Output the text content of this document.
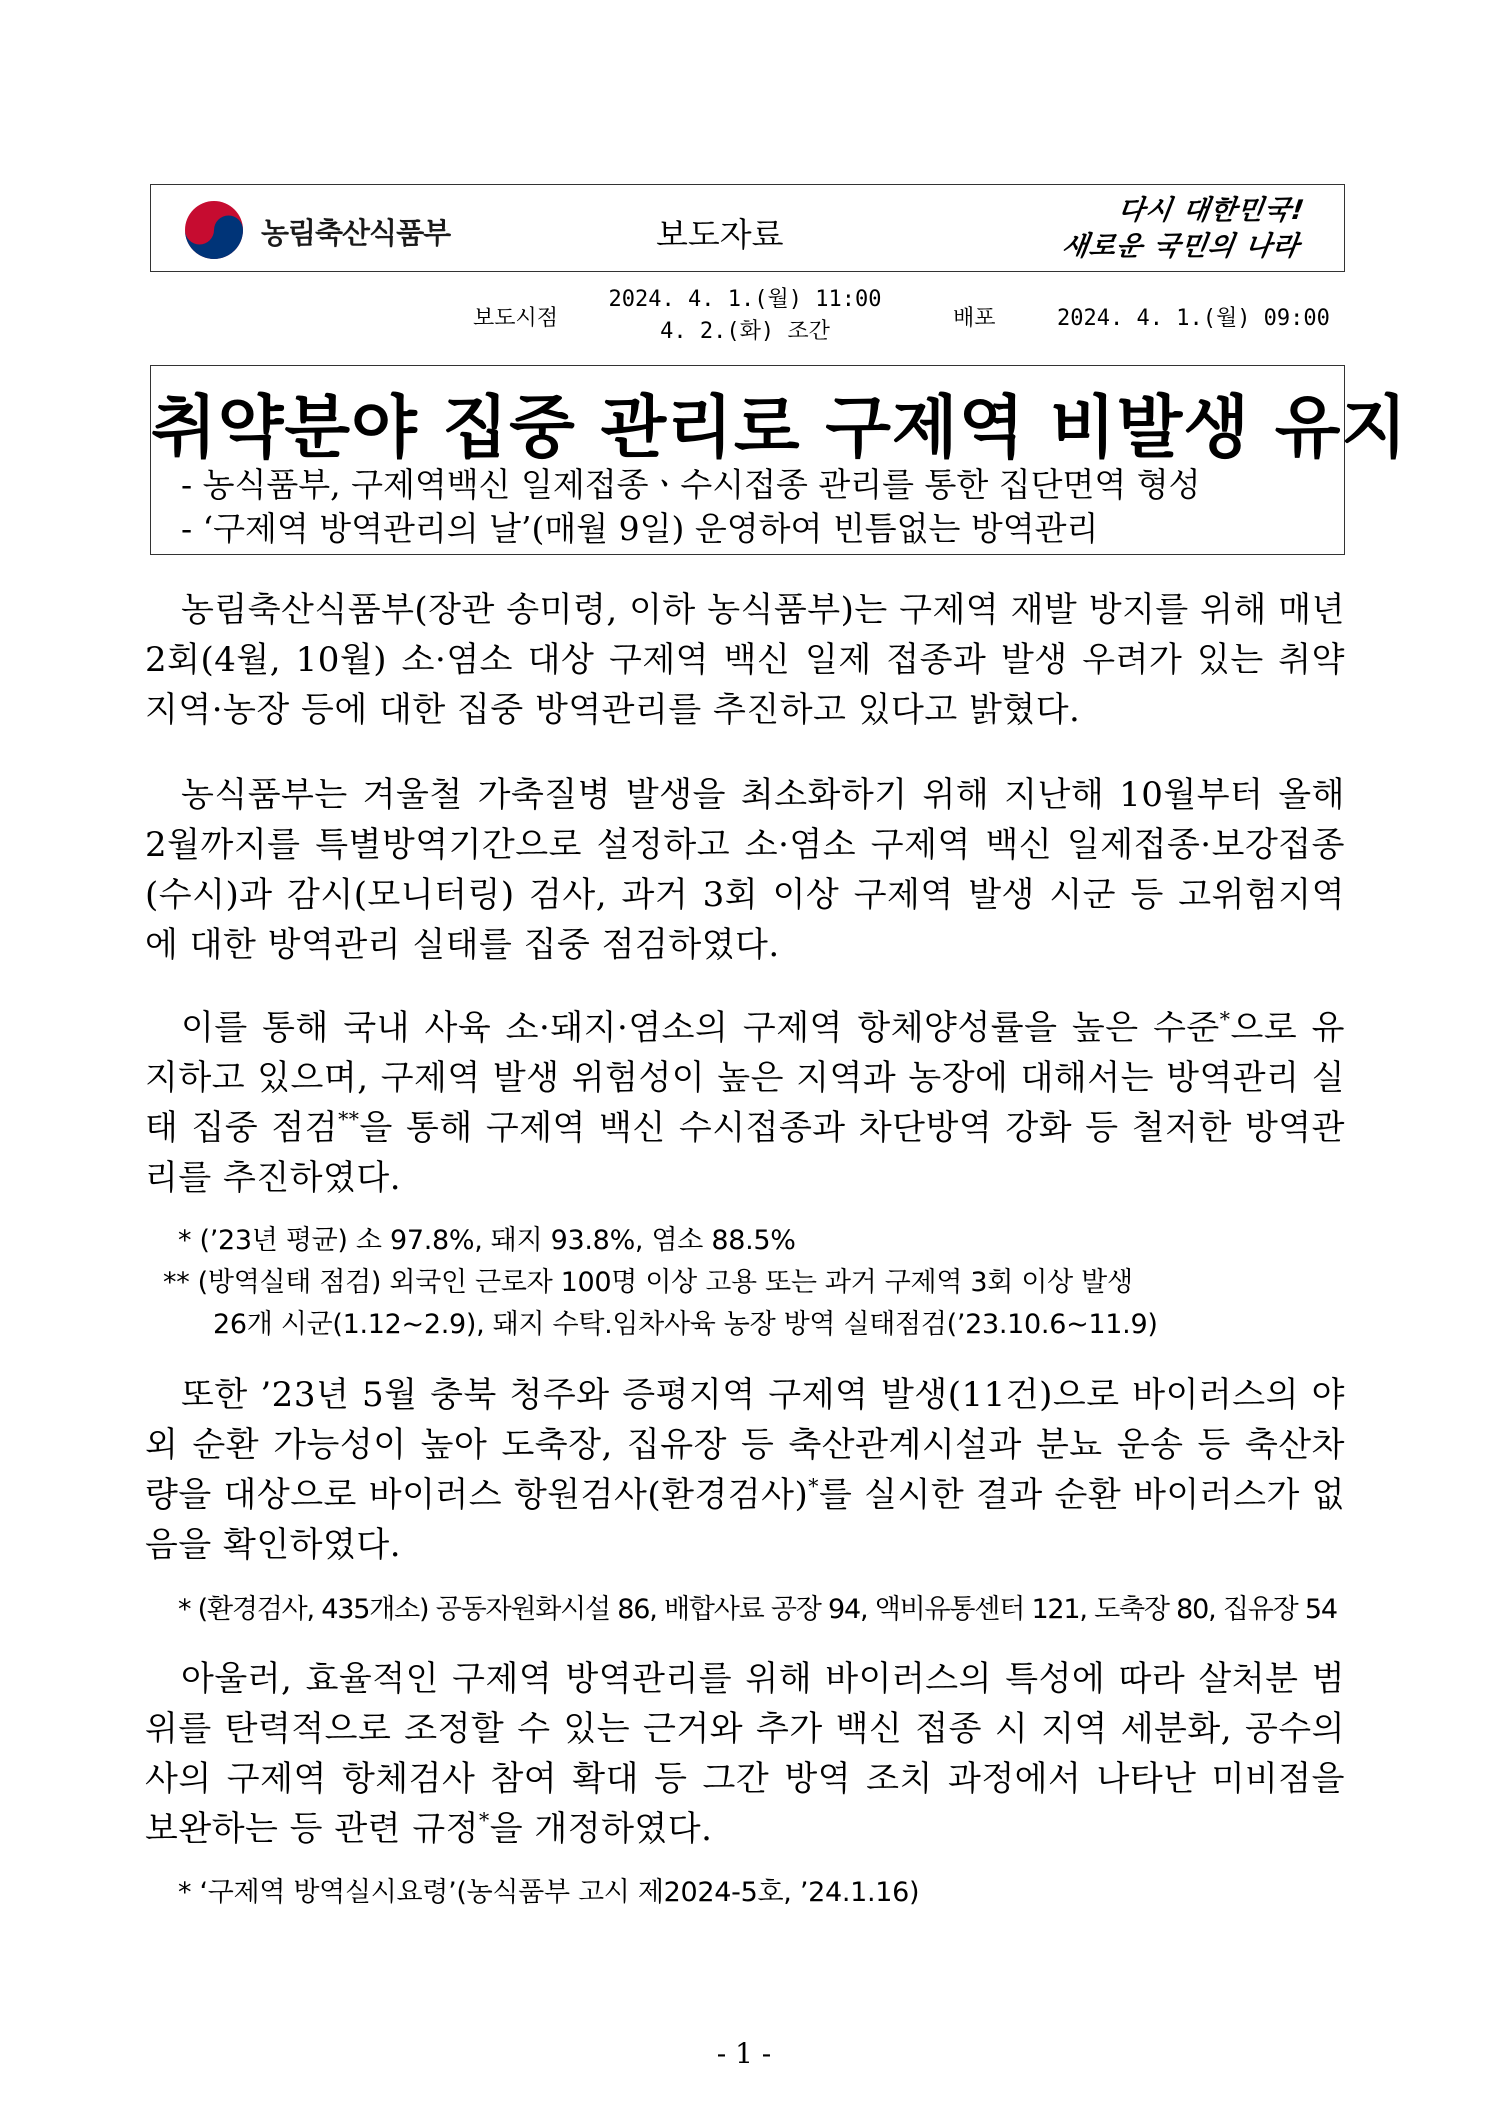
농림축산식품부	보도자료
다시 대한민국!
새로운 국민의 나라
보도시점
2024. 4. 1.(월) 11:00
4. 2.(화) 조간
배포	2024. 4. 1.(월) 09:00
취약분야 집중 관리로 구제역 비발생 유지
- 농식품부, 구제역백신 일제접종ㆍ수시접종 관리를 통한 집단면역 형성
- ‘구제역 방역관리의 날’(매월 9일) 운영하여 빈틈없는 방역관리
농림축산식품부(장관 송미령, 이하 농식품부)는 구제역 재발 방지를 위해 매년 2회(4월, 10월) 소·염소 대상 구제역 백신 일제 접종과 발생 우려가 있는 취약 지역·농장 등에 대한 집중 방역관리를 추진하고 있다고 밝혔다.
농식품부는 겨울철 가축질병 발생을 최소화하기 위해 지난해 10월부터 올해 2월까지를 특별방역기간으로 설정하고 소·염소 구제역 백신 일제접종·보강접종(수시)과 감시(모니터링) 검사, 과거 3회 이상 구제역 발생 시군 등 고위험지역에 대한 방역관리 실태를 집중 점검하였다.
이를 통해 국내 사육 소·돼지·염소의 구제역 항체양성률을 높은 수준*으로 유지하고 있으며, 구제역 발생 위험성이 높은 지역과 농장에 대해서는 방역관리 실태 집중 점검**을 통해 구제역 백신 수시접종과 차단방역 강화 등 철저한 방역관리를 추진하였다.
* (’23년 평균) 소 97.8%, 돼지 93.8%, 염소 88.5%
** (방역실태 점검) 외국인 근로자 100명 이상 고용 또는 과거 구제역 3회 이상 발생
26개 시군(1.12~2.9), 돼지 수탁.임차사육 농장 방역 실태점검(’23.10.6~11.9)
또한 ’23년 5월 충북 청주와 증평지역 구제역 발생(11건)으로 바이러스의 야외 순환 가능성이 높아 도축장, 집유장 등 축산관계시설과 분뇨 운송 등 축산차량을 대상으로 바이러스 항원검사(환경검사)*를 실시한 결과 순환 바이러스가 없음을 확인하였다.
* (환경검사, 435개소) 공동자원화시설 86, 배합사료 공장 94, 액비유통센터 121, 도축장 80, 집유장 54
아울러, 효율적인 구제역 방역관리를 위해 바이러스의 특성에 따라 살처분 범위를 탄력적으로 조정할 수 있는 근거와 추가 백신 접종 시 지역 세분화, 공수의사의 구제역 항체검사 참여 확대 등 그간 방역 조치 과정에서 나타난 미비점을 보완하는 등 관련 규정*을 개정하였다.
* ‘구제역 방역실시요령’(농식품부 고시 제2024-5호, ’24.1.16)
- 1 -
